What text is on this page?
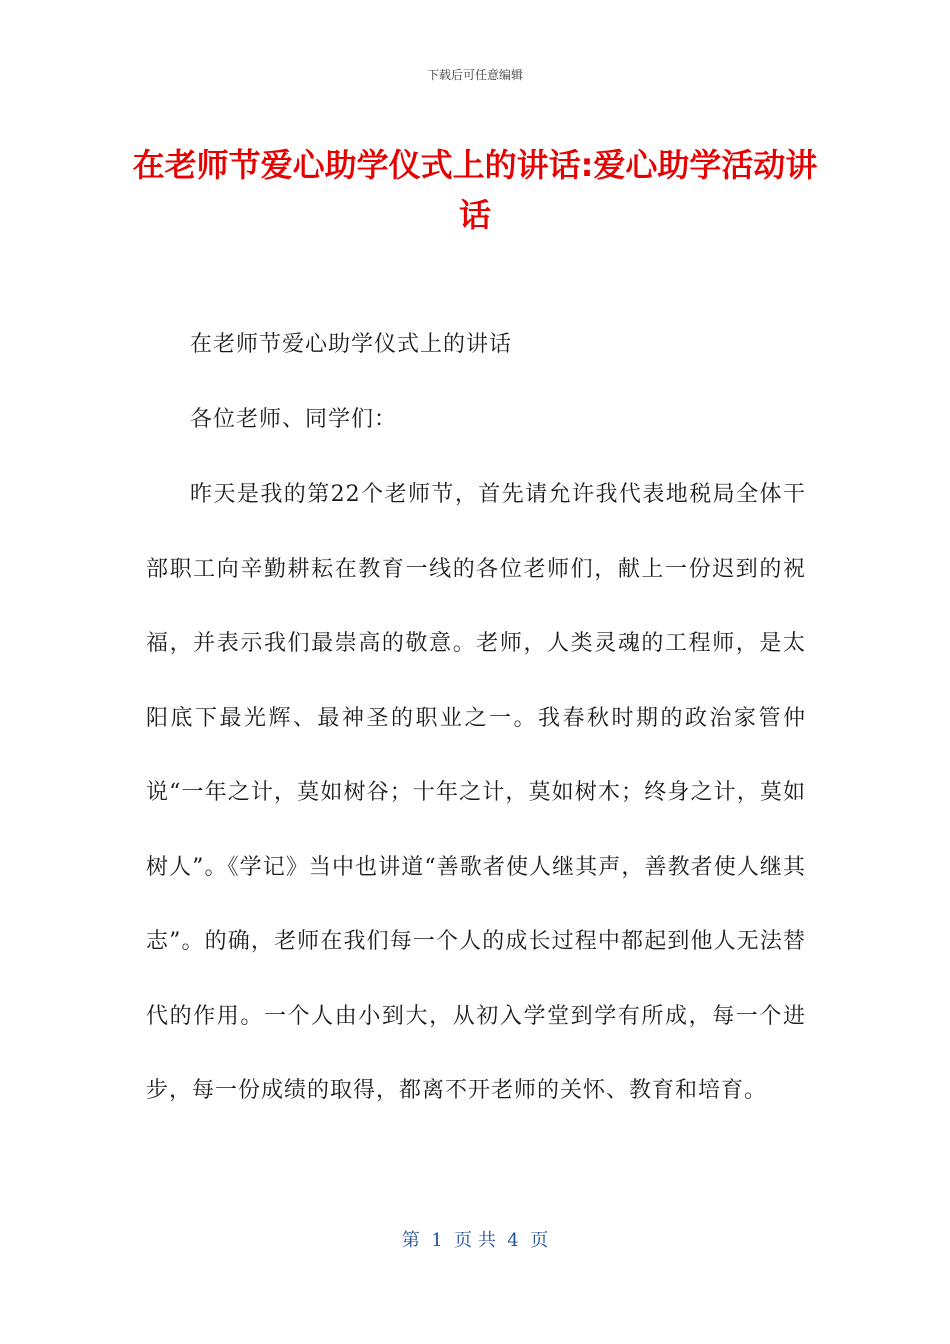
下载后可任意编辑
在老师节爱心助学仪式上的讲话:爱心助学活动讲话

在老师节爱心助学仪式上的讲话

各位老师、同学们：

昨天是我的第22个老师节，首先请允许我代表地税局全体干部职工向辛勤耕耘在教育一线的各位老师们，献上一份迟到的祝福，并表示我们最崇高的敬意。老师，人类灵魂的工程师，是太阳底下最光辉、最神圣的职业之一。我春秋时期的政治家管仲说“一年之计，莫如树谷；十年之计，莫如树木；终身之计，莫如树人”。《学记》当中也讲道“善歌者使人继其声，善教者使人继其志”。的确，老师在我们每一个人的成长过程中都起到他人无法替代的作用。一个人由小到大，从初入学堂到学有所成，每一个进步，每一份成绩的取得，都离不开老师的关怀、教育和培育。

第  1  页 共  4  页
